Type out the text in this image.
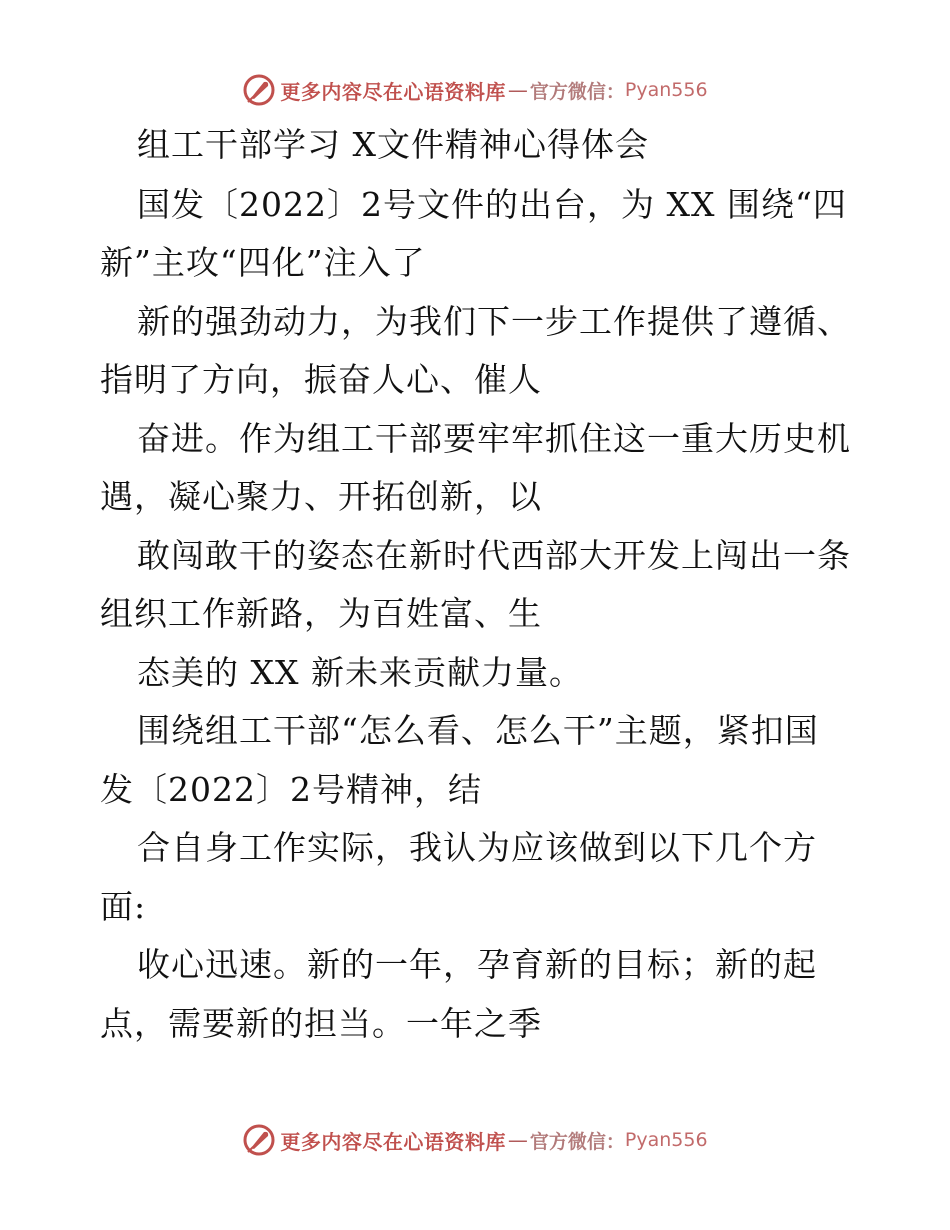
更多内容尽在心语资料库 — 官方微信： Pyan556
组工干部学习 X文件精神心得体会
国发〔2022〕2号文件的出台，为 XX 围绕“四
新”主攻“四化”注入了
新的强劲动力，为我们下一步工作提供了遵循、
指明了方向，振奋人心、催人
奋进。作为组工干部要牢牢抓住这一重大历史机
遇，凝心聚力、开拓创新，以
敢闯敢干的姿态在新时代西部大开发上闯出一条
组织工作新路，为百姓富、生
态美的 XX 新未来贡献力量。
围绕组工干部“怎么看、怎么干”主题，紧扣国
发〔2022〕2号精神，结
合自身工作实际，我认为应该做到以下几个方
面:
收心迅速。新的一年，孕育新的目标；新的起
点，需要新的担当。一年之季
更多内容尽在心语资料库 — 官方微信： Pyan556
